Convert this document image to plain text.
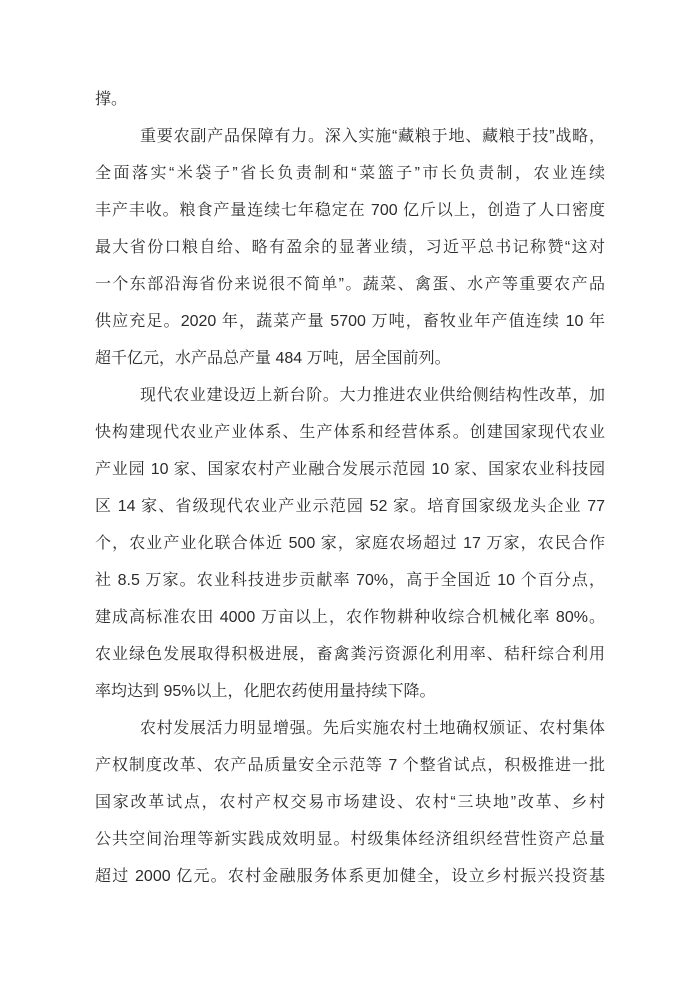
撑。
重要农副产品保障有力。深入实施“藏粮于地、藏粮于技”战略，
全面落实“米袋子”省长负责制和“菜篮子”市长负责制，农业连续
丰产丰收。粮食产量连续七年稳定在 700 亿斤以上，创造了人口密度
最大省份口粮自给、略有盈余的显著业绩，习近平总书记称赞“这对
一个东部沿海省份来说很不简单”。蔬菜、禽蛋、水产等重要农产品
供应充足。2020 年，蔬菜产量 5700 万吨，畜牧业年产值连续 10 年
超千亿元，水产品总产量 484 万吨，居全国前列。
现代农业建设迈上新台阶。大力推进农业供给侧结构性改革，加
快构建现代农业产业体系、生产体系和经营体系。创建国家现代农业
产业园 10 家、国家农村产业融合发展示范园 10 家、国家农业科技园
区 14 家、省级现代农业产业示范园 52 家。培育国家级龙头企业 77
个，农业产业化联合体近 500 家，家庭农场超过 17 万家，农民合作
社 8.5 万家。农业科技进步贡献率 70%，高于全国近 10 个百分点，
建成高标准农田 4000 万亩以上，农作物耕种收综合机械化率 80%。
农业绿色发展取得积极进展，畜禽粪污资源化利用率、秸秆综合利用
率均达到 95%以上，化肥农药使用量持续下降。
农村发展活力明显增强。先后实施农村土地确权颁证、农村集体
产权制度改革、农产品质量安全示范等 7 个整省试点，积极推进一批
国家改革试点，农村产权交易市场建设、农村“三块地”改革、乡村
公共空间治理等新实践成效明显。村级集体经济组织经营性资产总量
超过 2000 亿元。农村金融服务体系更加健全，设立乡村振兴投资基
